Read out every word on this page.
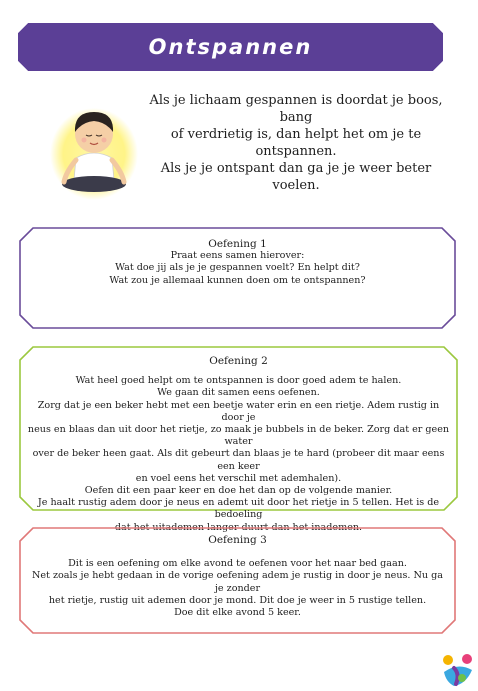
Ontspannen
Als je lichaam gespannen is doordat je boos, bang
of verdrietig is, dan helpt het om je te ontspannen.
Als je je ontspant dan ga je je weer beter voelen.

Oefening 1

Praat eens samen hierover:

Wat doe jij als je je gespannen voelt? En helpt dit?

Wat zou je allemaal kunnen doen om te ontspannen?

Oefening 2

Wat heel goed helpt om te ontspannen is door goed adem te halen.

We gaan dit samen eens oefenen.

Zorg dat je een beker hebt met een beetje water erin en een rietje. Adem rustig in door je

neus en blaas dan uit door het rietje, zo maak je bubbels in de beker. Zorg dat er geen water

over de beker heen gaat. Als dit gebeurt dan blaas je te hard (probeer dit maar eens een keer

en voel eens het verschil met ademhalen).

Oefen dit een paar keer en doe het dan op de volgende manier.

Je haalt rustig adem door je neus en ademt uit door het rietje in 5 tellen. Het is de bedoeling

dat het uitademen langer duurt dan het inademen.

Oefening 3

Dit is een oefening om elke avond te oefenen voor het naar bed gaan.

Net zoals je hebt gedaan in de vorige oefening adem je rustig in door je neus. Nu ga je zonder

het rietje, rustig uit ademen door je mond. Dit doe je weer in 5 rustige tellen.

Doe dit elke avond 5 keer.
